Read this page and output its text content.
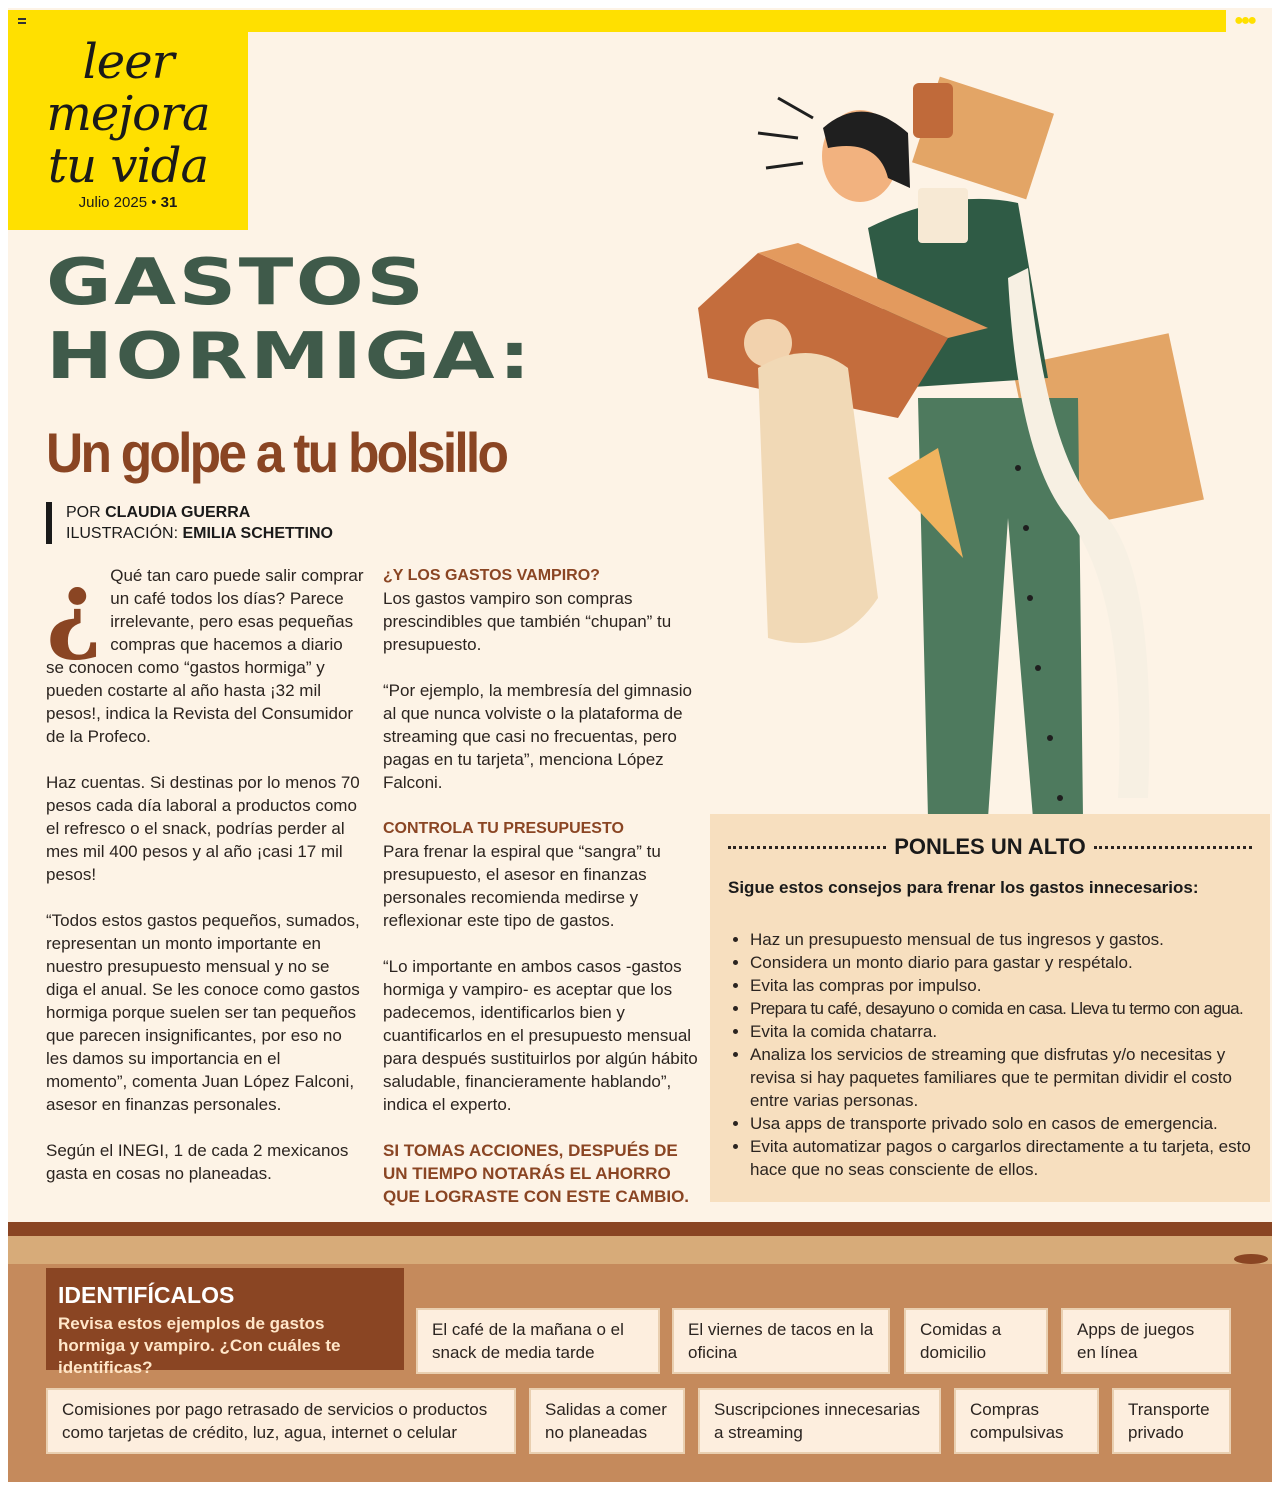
●●●
leer
mejora
tu vida
Julio 2025 • 31
GASTOS
HORMIGA:
Un golpe a tu bolsillo
POR CLAUDIA GUERRA
ILUSTRACIÓN: EMILIA SCHETTINO

¿ Qué tan caro puede salir comprar un café todos los días? Parece irrelevante, pero esas pequeñas compras que hacemos a diario se conocen como “gastos hormiga” y pueden costarte al año hasta ¡32 mil pesos!, indica la Revista del Consumidor de la Profeco.

Haz cuentas. Si destinas por lo menos 70 pesos cada día laboral a productos como el refresco o el snack, podrías perder al mes mil 400 pesos y al año ¡casi 17 mil pesos!

“Todos estos gastos pequeños, sumados, representan un monto importante en nuestro presupuesto mensual y no se diga el anual. Se les conoce como gastos hormiga porque suelen ser tan pequeños que parecen insignificantes, por eso no les damos su importancia en el momento”, comenta Juan López Falconi, asesor en finanzas personales.

Según el INEGI, 1 de cada 2 mexicanos gasta en cosas no planeadas.

¿Y LOS GASTOS VAMPIRO?

Los gastos vampiro son compras prescindibles que también “chupan” tu presupuesto.

“Por ejemplo, la membresía del gimnasio al que nunca volviste o la plataforma de streaming que casi no frecuentas, pero pagas en tu tarjeta”, menciona López Falconi.

CONTROLA TU PRESUPUESTO

Para frenar la espiral que “sangra” tu presupuesto, el asesor en finanzas personales recomienda medirse y reflexionar este tipo de gastos.

“Lo importante en ambos casos -gastos hormiga y vampiro- es aceptar que los padecemos, identificarlos bien y cuantificarlos en el presupuesto mensual para después sustituirlos por algún hábito saludable, financieramente hablando”, indica el experto.

SI TOMAS ACCIONES, DESPUÉS DE UN TIEMPO NOTARÁS EL AHORRO QUE LOGRASTE CON ESTE CAMBIO.
PONLES UN ALTO
Sigue estos consejos para frenar los gastos innecesarios:
• Haz un presupuesto mensual de tus ingresos y gastos.
• Considera un monto diario para gastar y respétalo.
• Evita las compras por impulso.
• Prepara tu café, desayuno o comida en casa. Lleva tu termo con agua.
• Evita la comida chatarra.
• Analiza los servicios de streaming que disfrutas y/o necesitas y revisa si hay paquetes familiares que te permitan dividir el costo entre varias personas.
• Usa apps de transporte privado solo en casos de emergencia.
• Evita automatizar pagos o cargarlos directamente a tu tarjeta, esto hace que no seas consciente de ellos.
IDENTIFÍCALOS
Revisa estos ejemplos de gastos hormiga y vampiro. ¿Con cuáles te identificas?
El café de la mañana o el snack de media tarde
El viernes de tacos en la oficina
Comidas a domicilio
Apps de juegos en línea
Comisiones por pago retrasado de servicios o productos como tarjetas de crédito, luz, agua, internet o celular
Salidas a comer no planeadas
Suscripciones innecesarias a streaming
Compras compulsivas
Transporte privado
